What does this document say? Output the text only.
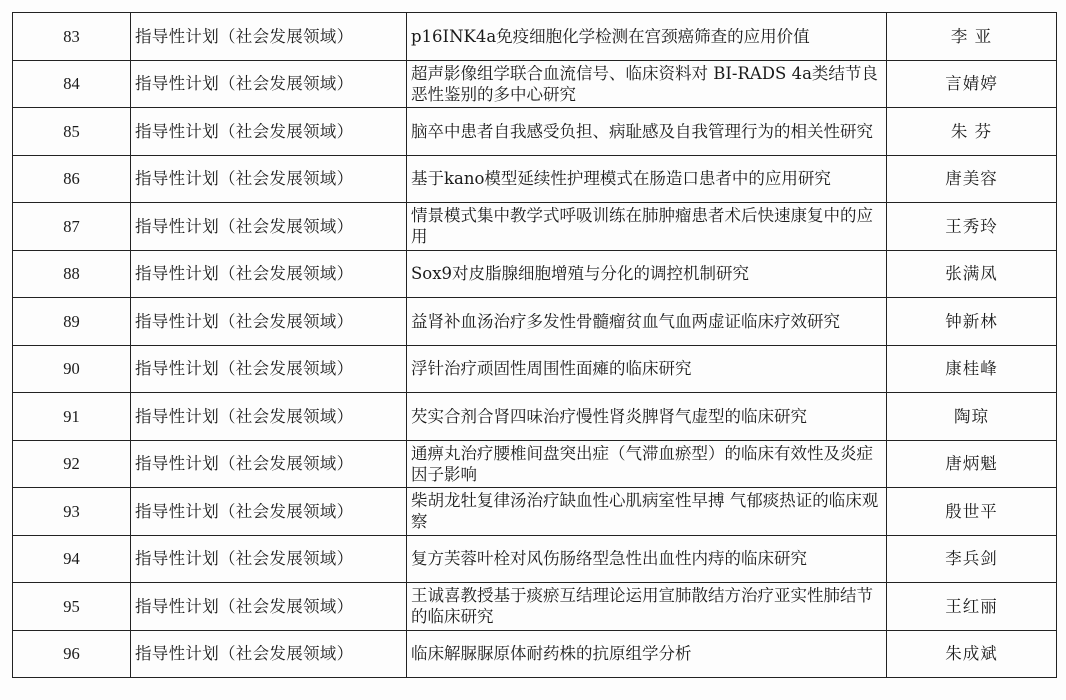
83	指导性计划（社会发展领域）	p16INK4a免疫细胞化学检测在宫颈癌筛查的应用价值	李 亚
84	指导性计划（社会发展领域）	超声影像组学联合血流信号、临床资料对 BI-RADS 4a类结节良恶性鉴别的多中心研究	言婧婷
85	指导性计划（社会发展领域）	脑卒中患者自我感受负担、病耻感及自我管理行为的相关性研究	朱 芬
86	指导性计划（社会发展领域）	基于kano模型延续性护理模式在肠造口患者中的应用研究	唐美容
87	指导性计划（社会发展领域）	情景模式集中教学式呼吸训练在肺肿瘤患者术后快速康复中的应用	王秀玲
88	指导性计划（社会发展领域）	Sox9对皮脂腺细胞增殖与分化的调控机制研究	张满凤
89	指导性计划（社会发展领域）	益肾补血汤治疗多发性骨髓瘤贫血气血两虚证临床疗效研究	钟新林
90	指导性计划（社会发展领域）	浮针治疗顽固性周围性面瘫的临床研究	康桂峰
91	指导性计划（社会发展领域）	芡实合剂合肾四味治疗慢性肾炎脾肾气虚型的临床研究	陶琼
92	指导性计划（社会发展领域）	通痹丸治疗腰椎间盘突出症（气滞血瘀型）的临床有效性及炎症因子影响	唐炳魁
93	指导性计划（社会发展领域）	柴胡龙牡复律汤治疗缺血性心肌病室性早搏 气郁痰热证的临床观察	殷世平
94	指导性计划（社会发展领域）	复方芙蓉叶栓对风伤肠络型急性出血性内痔的临床研究	李兵剑
95	指导性计划（社会发展领域）	王诚喜教授基于痰瘀互结理论运用宣肺散结方治疗亚实性肺结节的临床研究	王红丽
96	指导性计划（社会发展领域）	临床解脲脲原体耐药株的抗原组学分析	朱成斌
